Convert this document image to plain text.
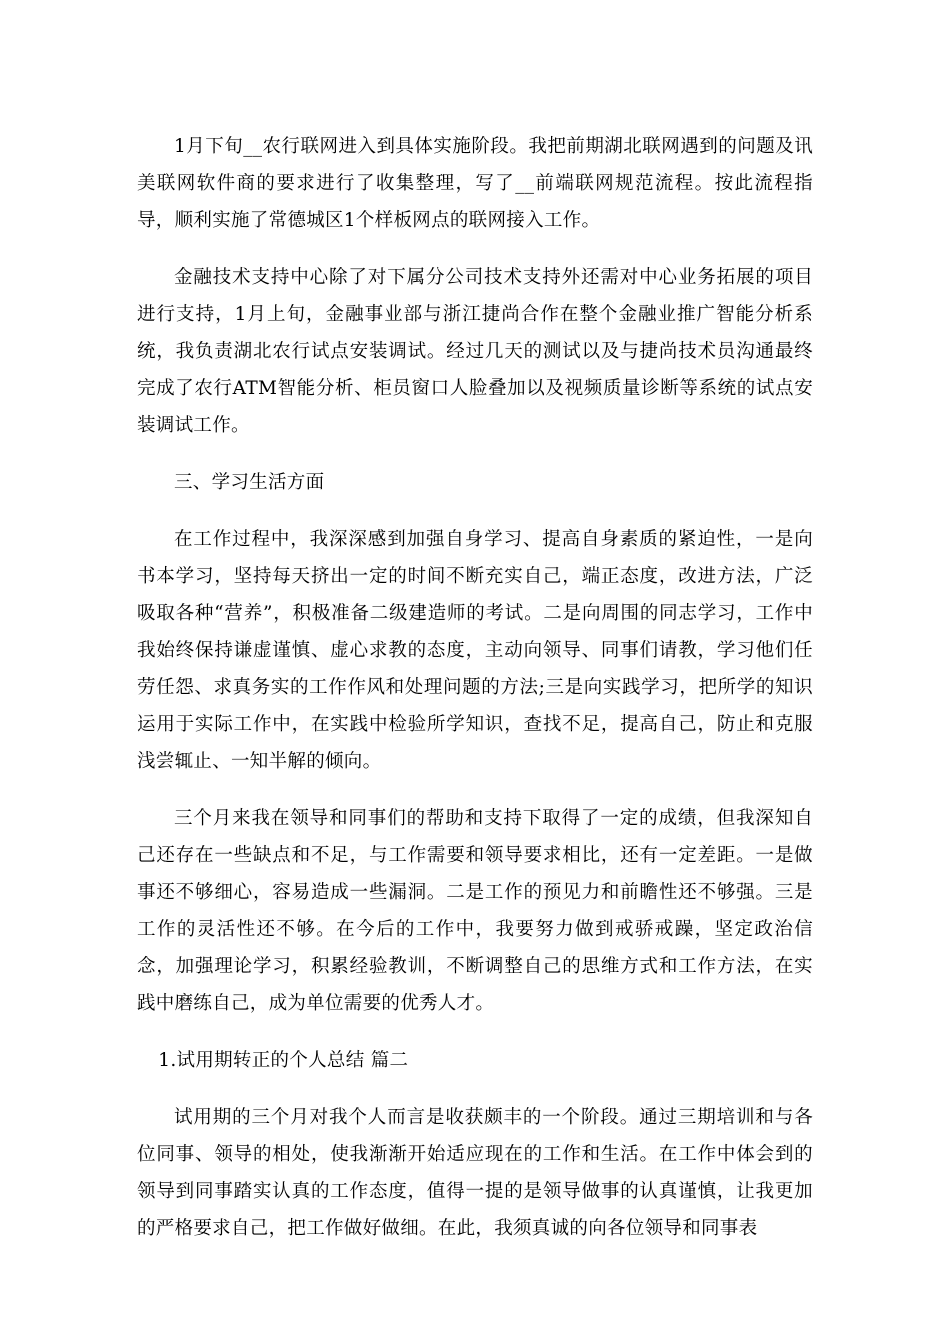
1月下旬__农行联网进入到具体实施阶段。我把前期湖北联网遇到的问题及讯美联网软件商的要求进行了收集整理，写了__前端联网规范流程。按此流程指导，顺利实施了常德城区1个样板网点的联网接入工作。

金融技术支持中心除了对下属分公司技术支持外还需对中心业务拓展的项目进行支持，1月上旬，金融事业部与浙江捷尚合作在整个金融业推广智能分析系统，我负责湖北农行试点安装调试。经过几天的测试以及与捷尚技术员沟通最终完成了农行ATM智能分析、柜员窗口人脸叠加以及视频质量诊断等系统的试点安装调试工作。

三、学习生活方面

在工作过程中，我深深感到加强自身学习、提高自身素质的紧迫性，一是向书本学习，坚持每天挤出一定的时间不断充实自己，端正态度，改进方法，广泛吸取各种“营养”，积极准备二级建造师的考试。二是向周围的同志学习，工作中我始终保持谦虚谨慎、虚心求教的态度，主动向领导、同事们请教，学习他们任劳任怨、求真务实的工作作风和处理问题的方法;三是向实践学习，把所学的知识运用于实际工作中，在实践中检验所学知识，查找不足，提高自己，防止和克服浅尝辄止、一知半解的倾向。

三个月来我在领导和同事们的帮助和支持下取得了一定的成绩，但我深知自己还存在一些缺点和不足，与工作需要和领导要求相比，还有一定差距。一是做事还不够细心，容易造成一些漏洞。二是工作的预见力和前瞻性还不够强。三是工作的灵活性还不够。在今后的工作中，我要努力做到戒骄戒躁，坚定政治信念，加强理论学习，积累经验教训，不断调整自己的思维方式和工作方法，在实践中磨练自己，成为单位需要的优秀人才。

1.试用期转正的个人总结 篇二

试用期的三个月对我个人而言是收获颇丰的一个阶段。通过三期培训和与各位同事、领导的相处，使我渐渐开始适应现在的工作和生活。在工作中体会到的领导到同事踏实认真的工作态度，值得一提的是领导做事的认真谨慎，让我更加的严格要求自己，把工作做好做细。在此，我须真诚的向各位领导和同事表
